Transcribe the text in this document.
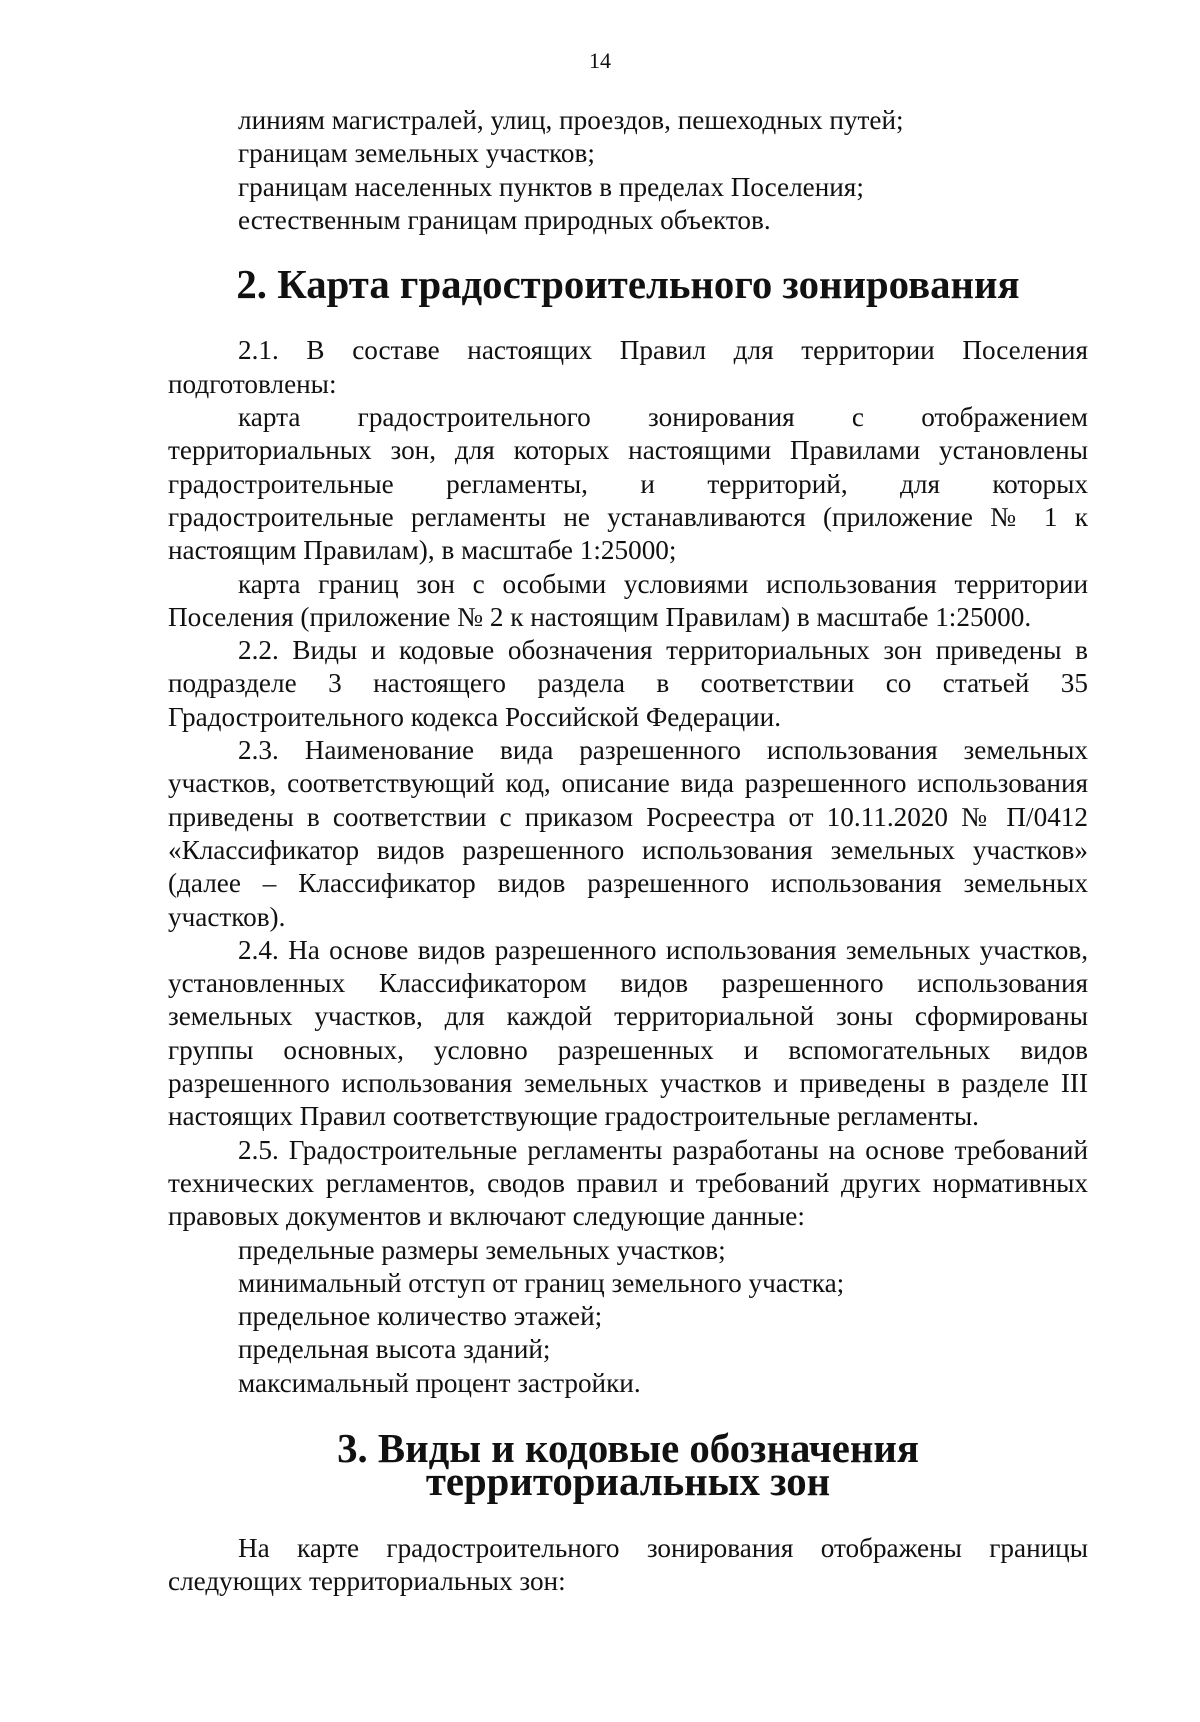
14
линиям магистралей, улиц, проездов, пешеходных путей;
границам земельных участков;
границам населенных пунктов в пределах Поселения;
естественным границам природных объектов.
2. Карта градостроительного зонирования

2.1. В составе настоящих Правил для территории Поселения подготовлены:

карта градостроительного зонирования с отображением территориальных зон, для которых настоящими Правилами установлены градостроительные регламенты, и территорий, для которых градостроительные регламенты не устанавливаются (приложение № 1 к настоящим Правилам), в масштабе 1:25000;

карта границ зон с особыми условиями использования территории Поселения (приложение № 2 к настоящим Правилам) в масштабе 1:25000.

2.2. Виды и кодовые обозначения территориальных зон приведены в подразделе 3 настоящего раздела в соответствии со статьей 35 Градостроительного кодекса Российской Федерации.

2.3. Наименование вида разрешенного использования земельных участков, соответствующий код, описание вида разрешенного использования приведены в соответствии с приказом Росреестра от 10.11.2020 № П/0412 «Классификатор видов разрешенного использования земельных участков» (далее – Классификатор видов разрешенного использования земельных участков).

2.4. На основе видов разрешенного использования земельных участков, установленных Классификатором видов разрешенного использования земельных участков, для каждой территориальной зоны сформированы группы основных, условно разрешенных и вспомогательных видов разрешенного использования земельных участков и приведены в разделе III настоящих Правил соответствующие градостроительные регламенты.

2.5. Градостроительные регламенты разработаны на основе требований технических регламентов, сводов правил и требований других нормативных правовых документов и включают следующие данные:

предельные размеры земельных участков;
минимальный отступ от границ земельного участка;
предельное количество этажей;
предельная высота зданий;
максимальный процент застройки.
3. Виды и кодовые обозначения территориальных зон

На карте градостроительного зонирования отображены границы следующих территориальных зон:
